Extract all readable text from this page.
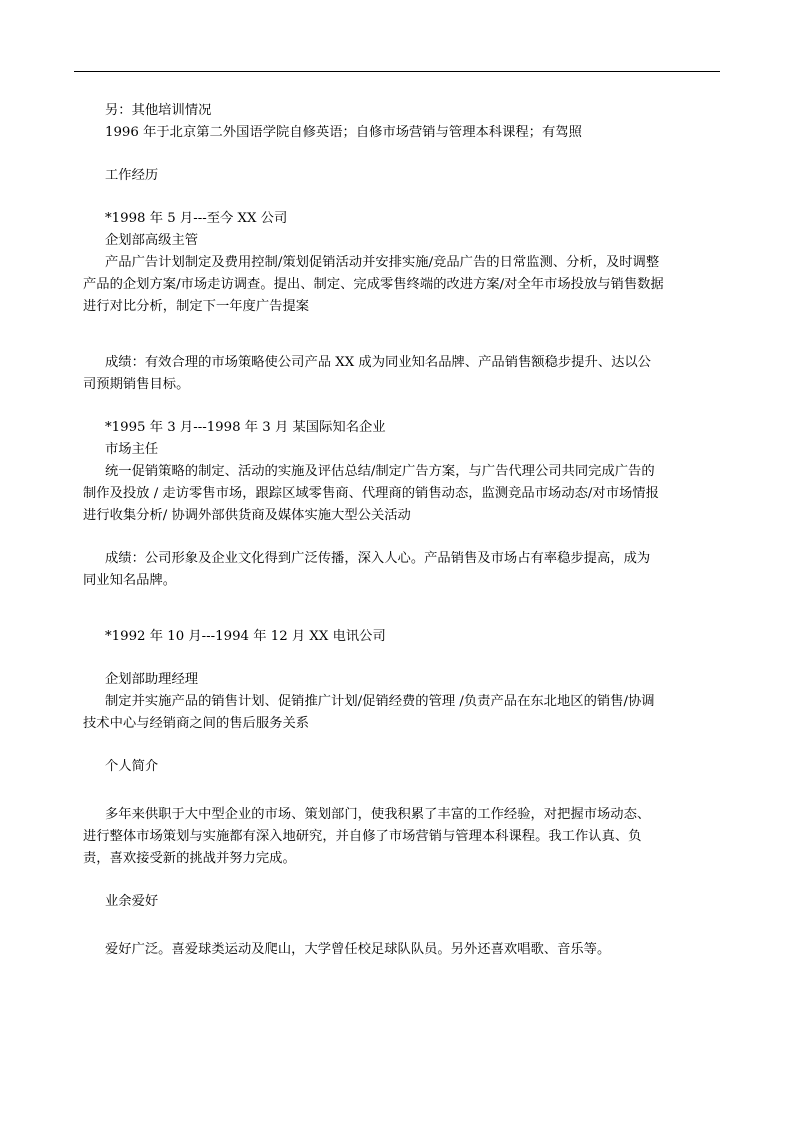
另：其他培训情况

1996 年于北京第二外国语学院自修英语；自修市场营销与管理本科课程；有驾照

工作经历

*1998 年 5 月---至今 XX 公司

企划部高级主管

产品广告计划制定及费用控制/策划促销活动并安排实施/竞品广告的日常监测、分析，及时调整

产品的企划方案/市场走访调查。提出、制定、完成零售终端的改进方案/对全年市场投放与销售数据

进行对比分析，制定下一年度广告提案

成绩：有效合理的市场策略使公司产品 XX 成为同业知名品牌、产品销售额稳步提升、达以公

司预期销售目标。

*1995 年 3 月---1998 年 3 月 某国际知名企业

市场主任

统一促销策略的制定、活动的实施及评估总结/制定广告方案，与广告代理公司共同完成广告的

制作及投放 / 走访零售市场，跟踪区域零售商、代理商的销售动态，监测竞品市场动态/对市场情报

进行收集分析/ 协调外部供货商及媒体实施大型公关活动

成绩：公司形象及企业文化得到广泛传播，深入人心。产品销售及市场占有率稳步提高，成为

同业知名品牌。

*1992 年 10 月---1994 年 12 月 XX 电讯公司

企划部助理经理

制定并实施产品的销售计划、促销推广计划/促销经费的管理 /负责产品在东北地区的销售/协调

技术中心与经销商之间的售后服务关系

个人简介

多年来供职于大中型企业的市场、策划部门，使我积累了丰富的工作经验，对把握市场动态、

进行整体市场策划与实施都有深入地研究，并自修了市场营销与管理本科课程。我工作认真、负

责，喜欢接受新的挑战并努力完成。

业余爱好

爱好广泛。喜爱球类运动及爬山，大学曾任校足球队队员。另外还喜欢唱歌、音乐等。
